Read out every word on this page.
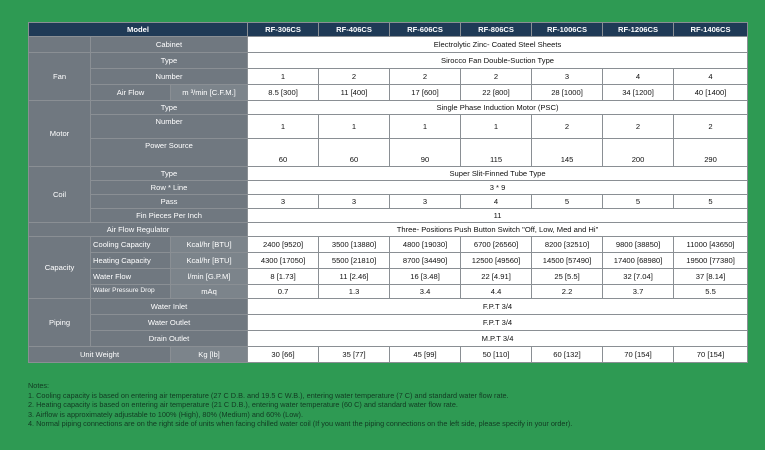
Model			RF-306CS	RF-406CS	RF-606CS	RF-806CS	RF-1006CS	RF-1206CS	RF-1406CS
	Cabinet		Electrolytic Zinc- Coated Steel Sheets						
Fan	Type		Sirocco Fan Double-Suction Type						
	Number		1	2	2	2	3	4	4
	Air Flow	m ³/min [C.F.M.]	8.5 [300]	11 [400]	17 [600]	22 [800]	28 [1000]	34 [1200]	40 [1400]
Motor	Type		Single Phase Induction Motor (PSC)						
	Number		1	1	1	1	2	2	2
	Power Source		60	60	90	115	145	200	290
Coil	Type		Super Slit-Finned Tube Type						
	Row * Line		3 * 9						
	Pass		3	3	3	4	5	5	5
	Fin Pieces Per Inch		11						
Air Flow Regulator			Three- Positions Push Button Switch "Off, Low, Med and Hi"						
Capacity	Cooling Capacity	Kcal/hr [BTU]	2400 [9520]	3500 [13880]	4800 [19030]	6700 [26560]	8200 [32510]	9800 [38850]	11000 [43650]
	Heating Capacity	Kcal/hr [BTU]	4300 [17050]	5500 [21810]	8700 [34490]	12500 [49560]	14500 [57490]	17400 [68980]	19500 [77380]
	Water Flow	l/min [G.P.M]	8 [1.73]	11 [2.46]	16 [3.48]	22 [4.91]	25 [5.5]	32 [7.04]	37 [8.14]
	Water Pressure Drop	mAq	0.7	1.3	3.4	4.4	2.2	3.7	5.5
Piping	Water Inlet		F.P.T 3/4						
	Water Outlet		F.P.T 3/4						
	Drain Outlet		M.P.T 3/4						
Unit Weight		Kg [lb]	30 [66]	35 [77]	45 [99]	50 [110]	60 [132]	70 [154]	70 [154]
Notes:
1. Cooling capacity is based on entering air temperature (27 C D.B. and 19.5 C W.B.), entering water temperature (7 C) and standard water flow rate.
2. Heating capacity is based on entering air temperature (21 C D.B.), entering water temperature (60 C) and standard water flow rate.
3. Airflow is approximately adjustable to 100% (High), 80% (Medium) and 60% (Low).
4. Normal piping connections are on the right side of units when facing chilled water coil (If you want the piping connections on the left side, please specify in your order).
